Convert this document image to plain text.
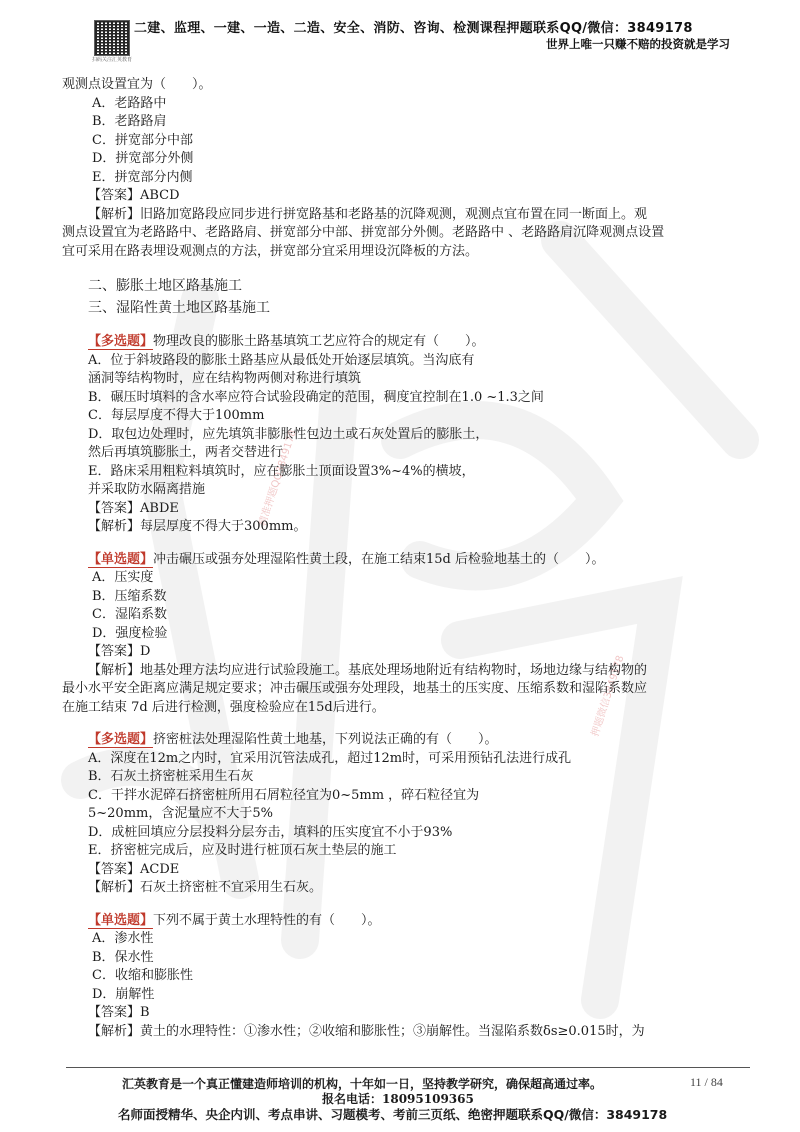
扫码关注汇英教育
二建、监理、一建、一造、二造、安全、消防、咨询、检测课程押题联系QQ/微信：3849178
世界上唯一只赚不赔的投资就是学习
精准押题QQ3849178
押题微信3849178

观测点设置宜为（　　）。

A．老路路中

B．老路路肩

C．拼宽部分中部

D．拼宽部分外侧

E．拼宽部分内侧

【答案】ABCD

【解析】旧路加宽路段应同步进行拼宽路基和老路基的沉降观测，观测点宜布置在同一断面上。观

测点设置宜为老路路中、老路路肩、拼宽部分中部、拼宽部分外侧。老路路中 、老路路肩沉降观测点设置

宜可采用在路表埋设观测点的方法，拼宽部分宜采用埋设沉降板的方法。

二、膨胀土地区路基施工

三、湿陷性黄土地区路基施工

【多选题】物理改良的膨胀土路基填筑工艺应符合的规定有（　　）。

A．位于斜坡路段的膨胀土路基应从最低处开始逐层填筑。当沟底有

涵洞等结构物时，应在结构物两侧对称进行填筑

B．碾压时填料的含水率应符合试验段确定的范围，稠度宜控制在1.0 ~1.3之间

C．每层厚度不得大于100mm

D．取包边处理时，应先填筑非膨胀性包边土或石灰处置后的膨胀土，

然后再填筑膨胀土，两者交替进行

E．路床采用粗粒料填筑时，应在膨胀土顶面设置3%~4%的横坡，

并采取防水隔离措施

【答案】ABDE

【解析】每层厚度不得大于300mm。

【单选题】冲击碾压或强夯处理湿陷性黄土段，在施工结束15d 后检验地基土的（　　）。

A．压实度

B．压缩系数

C．湿陷系数

D．强度检验

【答案】D

【解析】地基处理方法均应进行试验段施工。基底处理场地附近有结构物时，场地边缘与结构物的

最小水平安全距离应满足规定要求；冲击碾压或强夯处理段，地基土的压实度、压缩系数和湿陷系数应

在施工结束 7d 后进行检测，强度检验应在15d后进行。

【多选题】挤密桩法处理湿陷性黄土地基，下列说法正确的有（　　）。

A．深度在12m之内时，宜采用沉管法成孔，超过12m时，可采用预钻孔法进行成孔

B．石灰土挤密桩采用生石灰

C．干拌水泥碎石挤密桩所用石屑粒径宜为0~5mm ，碎石粒径宜为

5~20mm，含泥量应不大于5%

D．成桩回填应分层投料分层夯击，填料的压实度宜不小于93%

E．挤密桩完成后，应及时进行桩顶石灰土垫层的施工

【答案】ACDE

【解析】石灰土挤密桩不宜采用生石灰。

【单选题】下列不属于黄土水理特性的有（　　）。

A．渗水性

B．保水性

C．收缩和膨胀性

D．崩解性

【答案】B

【解析】黄土的水理特性：①渗水性；②收缩和膨胀性；③崩解性。当湿陷系数δs≥0.015时，为

汇英教育是一个真正懂建造师培训的机构，十年如一日，坚持教学研究，确保超高通过率。	11 / 84
报名电话：18095109365
名师面授精华、央企内训、考点串讲、习题模考、考前三页纸、绝密押题联系QQ/微信：3849178
